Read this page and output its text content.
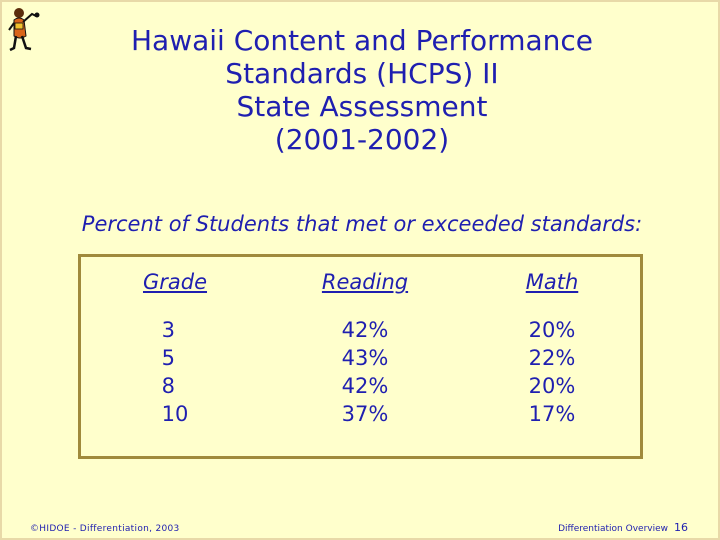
Hawaii Content and Performance
Standards (HCPS) II
State Assessment
(2001-2002)
Percent of Students that met or exceeded standards:
Grade
3
5
8
10
Reading
42%
43%
42%
37%
Math
20%
22%
20%
17%
©HIDOE - Differentiation, 2003	Differentiation Overview 16
